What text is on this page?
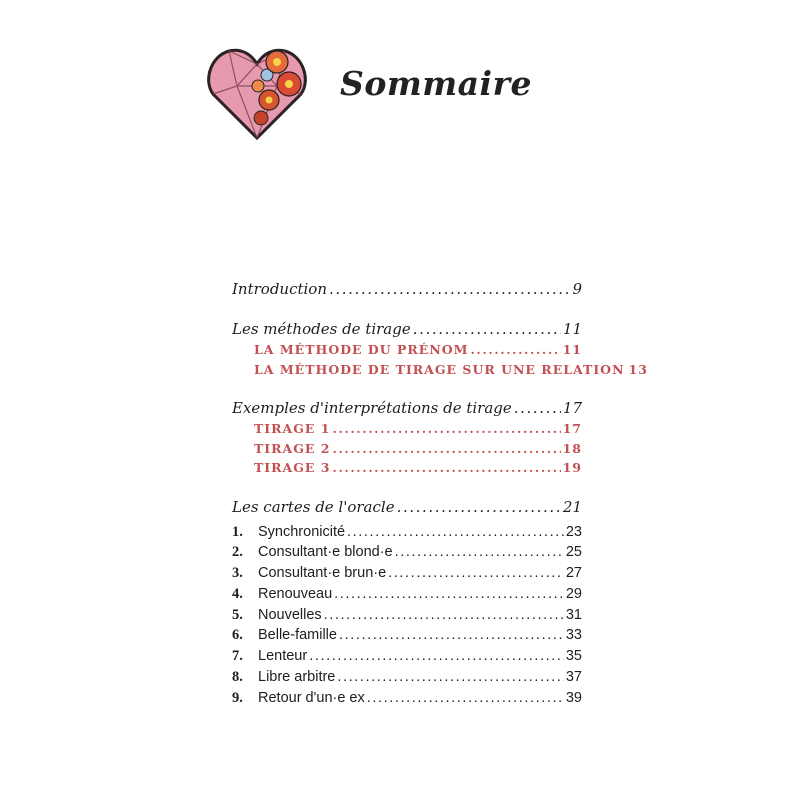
Sommaire
Introduction .....	9
Les méthodes de tirage .....	11
LA MÉTHODE DU PRÉNOM .....	11
LA MÉTHODE DE TIRAGE SUR UNE RELATION 13
Exemples d'interprétations de tirage .....	17
TIRAGE 1 .....	17
TIRAGE 2 .....	18
TIRAGE 3 .....	19
Les cartes de l'oracle .....	21
1.	Synchronicité .....	23
2.	Consultant·e blond·e .....	25
3.	Consultant·e brun·e .....	27
4.	Renouveau .....	29
5.	Nouvelles .....	31
6.	Belle-famille .....	33
7.	Lenteur .....	35
8.	Libre arbitre .....	37
9.	Retour d'un·e ex .....	39
